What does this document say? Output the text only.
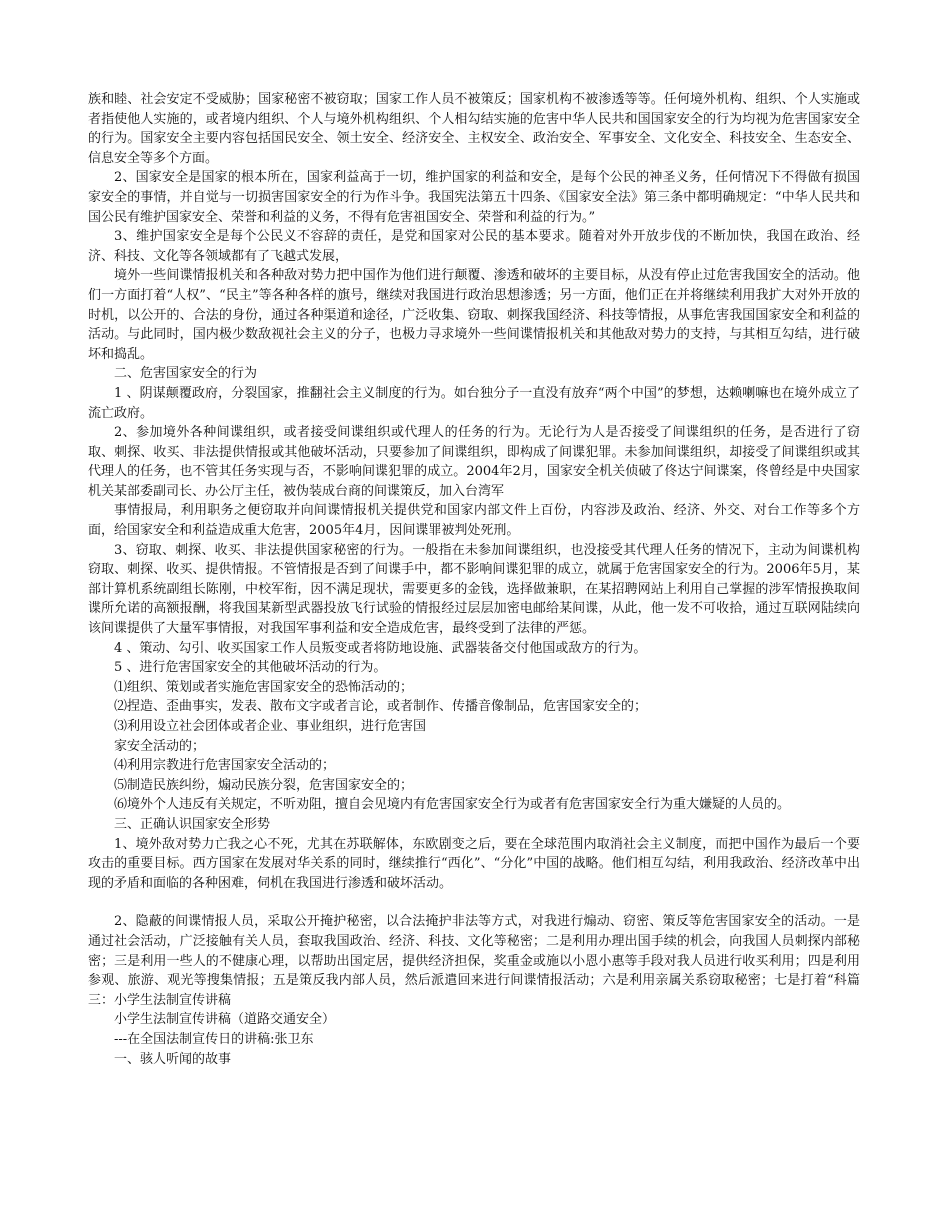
族和睦、社会安定不受威胁；国家秘密不被窃取；国家工作人员不被策反；国家机构不被渗透等等。任何境外机构、组织、个人实施或者指使他人实施的，或者境内组织、个人与境外机构组织、个人相勾结实施的危害中华人民共和国国家安全的行为均视为危害国家安全的行为。国家安全主要内容包括国民安全、领土安全、经济安全、主权安全、政治安全、军事安全、文化安全、科技安全、生态安全、信息安全等多个方面。

2、国家安全是国家的根本所在，国家利益高于一切，维护国家的利益和安全，是每个公民的神圣义务，任何情况下不得做有损国家安全的事情，并自觉与一切损害国家安全的行为作斗争。我国宪法第五十四条、《国家安全法》第三条中都明确规定：“中华人民共和国公民有维护国家安全、荣誉和利益的义务，不得有危害祖国安全、荣誉和利益的行为。”

3、维护国家安全是每个公民义不容辞的责任，是党和国家对公民的基本要求。随着对外开放步伐的不断加快，我国在政治、经济、科技、文化等各领域都有了飞越式发展，

境外一些间谍情报机关和各种敌对势力把中国作为他们进行颠覆、渗透和破坏的主要目标，从没有停止过危害我国安全的活动。他们一方面打着“人权”、“民主”等各种各样的旗号，继续对我国进行政治思想渗透；另一方面，他们正在并将继续利用我扩大对外开放的时机，以公开的、合法的身份，通过各种渠道和途径，广泛收集、窃取、刺探我国经济、科技等情报，从事危害我国国家安全和利益的活动。与此同时，国内极少数敌视社会主义的分子，也极力寻求境外一些间谍情报机关和其他敌对势力的支持，与其相互勾结，进行破坏和捣乱。

二、危害国家安全的行为

1 、阴谋颠覆政府，分裂国家，推翻社会主义制度的行为。如台独分子一直没有放弃“两个中国”的梦想，达赖喇嘛也在境外成立了流亡政府。

2、参加境外各种间谍组织，或者接受间谍组织或代理人的任务的行为。无论行为人是否接受了间谍组织的任务，是否进行了窃取、刺探、收买、非法提供情报或其他破坏活动，只要参加了间谍组织，即构成了间谍犯罪。未参加间谍组织，却接受了间谍组织或其代理人的任务，也不管其任务实现与否，不影响间谍犯罪的成立。2004年2月，国家安全机关侦破了佟达宁间谍案，佟曾经是中央国家机关某部委副司长、办公厅主任，被伪装成台商的间谍策反，加入台湾军

事情报局，利用职务之便窃取并向间谍情报机关提供党和国家内部文件上百份，内容涉及政治、经济、外交、对台工作等多个方面，给国家安全和利益造成重大危害，2005年4月，因间谍罪被判处死刑。

3、窃取、刺探、收买、非法提供国家秘密的行为。一般指在未参加间谍组织，也没接受其代理人任务的情况下，主动为间谍机构窃取、刺探、收买、提供情报。不管情报是否到了间谍手中，都不影响间谍犯罪的成立，就属于危害国家安全的行为。2006年5月，某部计算机系统副组长陈刚，中校军衔，因不满足现状，需要更多的金钱，选择做兼职，在某招聘网站上利用自己掌握的涉军情报换取间谍所允诺的高额报酬，将我国某新型武器投放飞行试验的情报经过层层加密电邮给某间谍，从此，他一发不可收拾，通过互联网陆续向该间谍提供了大量军事情报，对我国军事利益和安全造成危害，最终受到了法律的严惩。

4 、策动、勾引、收买国家工作人员叛变或者将防地设施、武器装备交付他国或敌方的行为。

5 、进行危害国家安全的其他破坏活动的行为。

⑴组织、策划或者实施危害国家安全的恐怖活动的；

⑵捏造、歪曲事实，发表、散布文字或者言论，或者制作、传播音像制品，危害国家安全的；

⑶利用设立社会团体或者企业、事业组织，进行危害国

家安全活动的；

⑷利用宗教进行危害国家安全活动的；

⑸制造民族纠纷，煽动民族分裂，危害国家安全的；

⑹境外个人违反有关规定，不听劝阻，擅自会见境内有危害国家安全行为或者有危害国家安全行为重大嫌疑的人员的。

三、正确认识国家安全形势

1、境外敌对势力亡我之心不死，尤其在苏联解体，东欧剧变之后，要在全球范围内取消社会主义制度，而把中国作为最后一个要攻击的重要目标。西方国家在发展对华关系的同时，继续推行“西化”、“分化”中国的战略。他们相互勾结，利用我政治、经济改革中出现的矛盾和面临的各种困难，伺机在我国进行渗透和破坏活动。

2、隐蔽的间谍情报人员，采取公开掩护秘密，以合法掩护非法等方式，对我进行煽动、窃密、策反等危害国家安全的活动。一是通过社会活动，广泛接触有关人员，套取我国政治、经济、科技、文化等秘密；二是利用办理出国手续的机会，向我国人员刺探内部秘密；三是利用一些人的不健康心理，以帮助出国定居，提供经济担保，奖重金或施以小恩小惠等手段对我人员进行收买利用；四是利用参观、旅游、观光等搜集情报；五是策反我内部人员，然后派遣回来进行间谍情报活动；六是利用亲属关系窃取秘密；七是打着“科篇三：小学生法制宣传讲稿

小学生法制宣传讲稿（道路交通安全）

---在全国法制宣传日的讲稿:张卫东

一、骇人听闻的故事
